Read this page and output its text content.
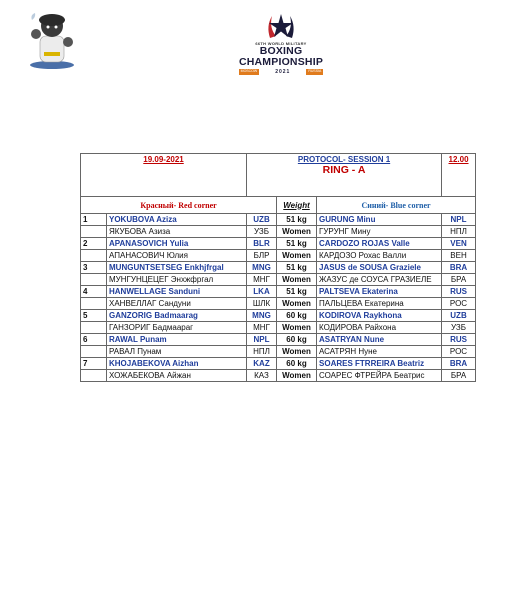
66TH WORLD MILITARY
BOXING
CHAMPIONSHIP
MOSCOW	2021	RUSSIA
19.09-2021		PROTOCOL- SESSION 1
RING - A			12.00
Красный- Red corner			Weight	Синий- Blue corner	
1	YOKUBOVA Aziza	UZB	51 kg	GURUNG Minu	NPL
	ЯКУБОВА Азиза	УЗБ	Women	ГУРУНГ Мину	НПЛ
2	APANASOVICH Yulia	BLR	51 kg	CARDOZO ROJAS Valle	VEN
	АПАНАСОВИЧ Юлия	БЛР	Women	КАРДОЗО Рохас Валли	ВЕН
3	MUNGUNTSETSEG Enkhjfrgal	MNG	51 kg	JASUS de SOUSA Graziele	BRA
	МУНГУНЦЕЦЕГ Энхжфргал	МНГ	Women	ЖАЗУС де СОУСА ГРАЗИЕЛЕ	БРА
4	HANWELLAGE Sanduni	LKA	51 kg	PALTSEVA Ekaterina	RUS
	ХАНВЕЛЛАГ Сандуни	ШЛК	Women	ПАЛЬЦЕВА Екатерина	РОС
5	GANZORIG Badmaarag	MNG	60 kg	KODIROVA Raykhona	UZB
	ГАНЗОРИГ Бадмаараг	МНГ	Women	КОДИРОВА Райхона	УЗБ
6	RAWAL Punam	NPL	60 kg	ASATRYAN Nune	RUS
	РАВАЛ Пунам	НПЛ	Women	АСАТРЯН Нуне	РОС
7	KHOJABEKOVA Aizhan	KAZ	60 kg	SOARES FTRREIRA Beatriz	BRA
	ХОЖАБЕКОВА Айжан	КАЗ	Women	СОАРЕС ФТРЕЙРА Беатрис	БРА
